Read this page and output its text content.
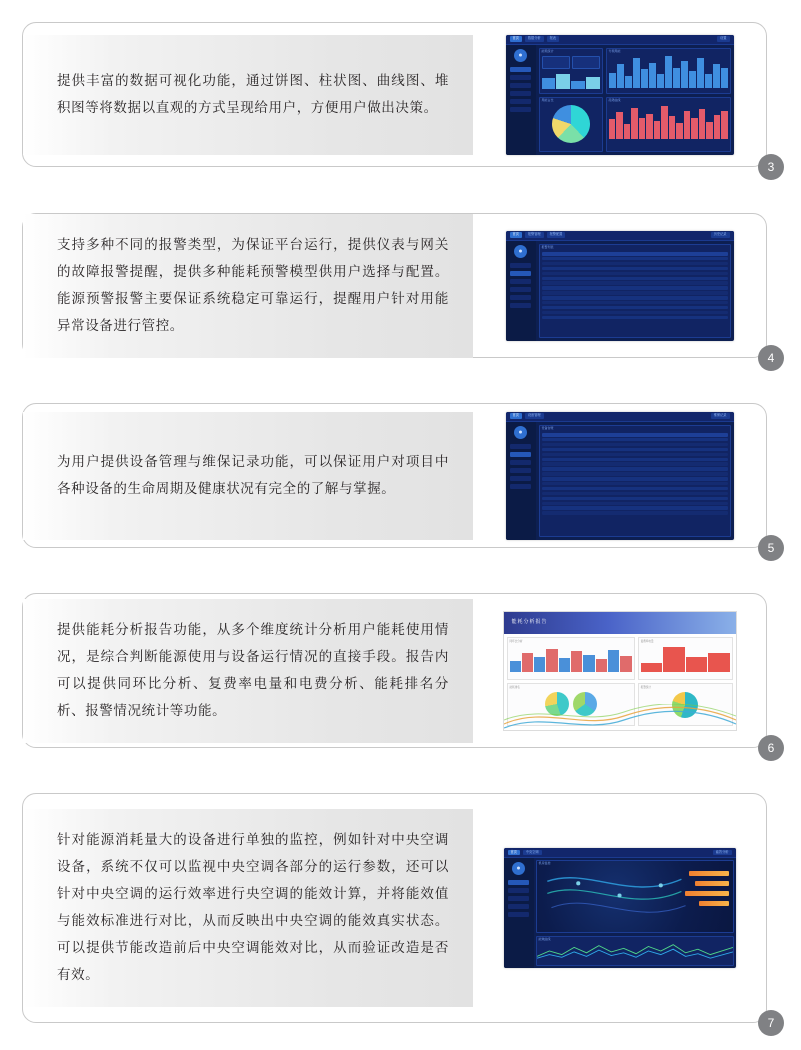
提供丰富的数据可视化功能，通过饼图、柱状图、曲线图、堆积图等将数据以直观的方式呈现给用户，方便用户做出决策。

首页	数据分析	报表	设置
●
能耗统计	分项用能
用能占比	趋势曲线
3

支持多种不同的报警类型，为保证平台运行，提供仪表与网关的故障报警提醒，提供多种能耗预警模型供用户选择与配置。能源预警报警主要保证系统稳定可靠运行，提醒用户针对用能异常设备进行管控。

首页	报警管理	报警配置	历史记录
●
报警列表
4

为用户提供设备管理与维保记录功能，可以保证用户对项目中各种设备的生命周期及健康状况有完全的了解与掌握。

首页	设备管理	维保记录
●
设备台账
5

提供能耗分析报告功能，从多个维度统计分析用户能耗使用情况，是综合判断能源使用与设备运行情况的直接手段。报告内可以提供同环比分析、复费率电量和电费分析、能耗排名分析、报警情况统计等功能。

能耗分析报告
同环比分析	复费率电量
能耗排名	报警统计
6

针对能源消耗量大的设备进行单独的监控，例如针对中央空调设备，系统不仅可以监视中央空调各部分的运行参数，还可以针对中央空调的运行效率进行央空调的能效计算，并将能效值与能效标准进行对比，从而反映出中央空调的能效真实状态。可以提供节能改造前后中央空调能效对比，从而验证改造是否有效。

首页	中央空调	能效分析
●
机房监控
能效曲线
7
